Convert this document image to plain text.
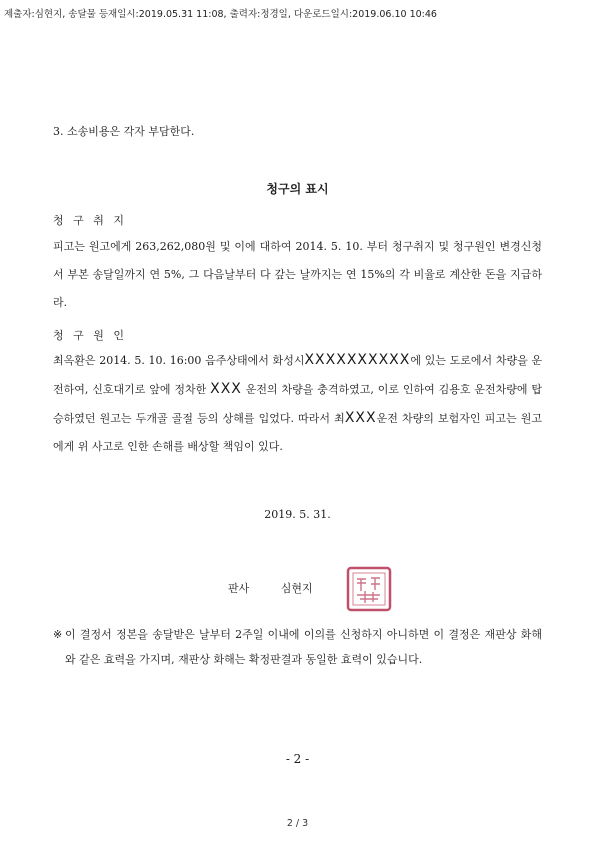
제출자:심현지, 송달물 등재일시:2019.05.31 11:08, 출력자:정경일, 다운로드일시:2019.06.10 10:46
3. 소송비용은 각자 부담한다.
청구의 표시
청 구 취 지
피고는 원고에게 263,262,080원 및 이에 대하여 2014. 5. 10. 부터 청구취지 및 청구원인 변경신청서 부본 송달일까지 연 5%, 그 다음날부터 다 갚는 날까지는 연 15%의 각 비율로 계산한 돈을 지급하라.
청 구 원 인
최옥환은 2014. 5. 10. 16:00 음주상태에서 화성시XXXXXXXXXX에 있는 도로에서 차량을 운전하여, 신호대기로 앞에 정차한 XXX 운전의 차량을 충격하였고, 이로 인하여 김용호 운전차량에 탑승하였던 원고는 두개골 골절 등의 상해를 입었다. 따라서 최XXX운전 차량의 보험자인 피고는 원고에게 위 사고로 인한 손해를 배상할 책임이 있다.
2019. 5. 31.
판사	심현지
※ 이 결정서 정본을 송달받은 날부터 2주일 이내에 이의를 신청하지 아니하면 이 결정은 재판상 화해와 같은 효력을 가지며, 재판상 화해는 확정판결과 동일한 효력이 있습니다.
- 2 -
2 / 3
